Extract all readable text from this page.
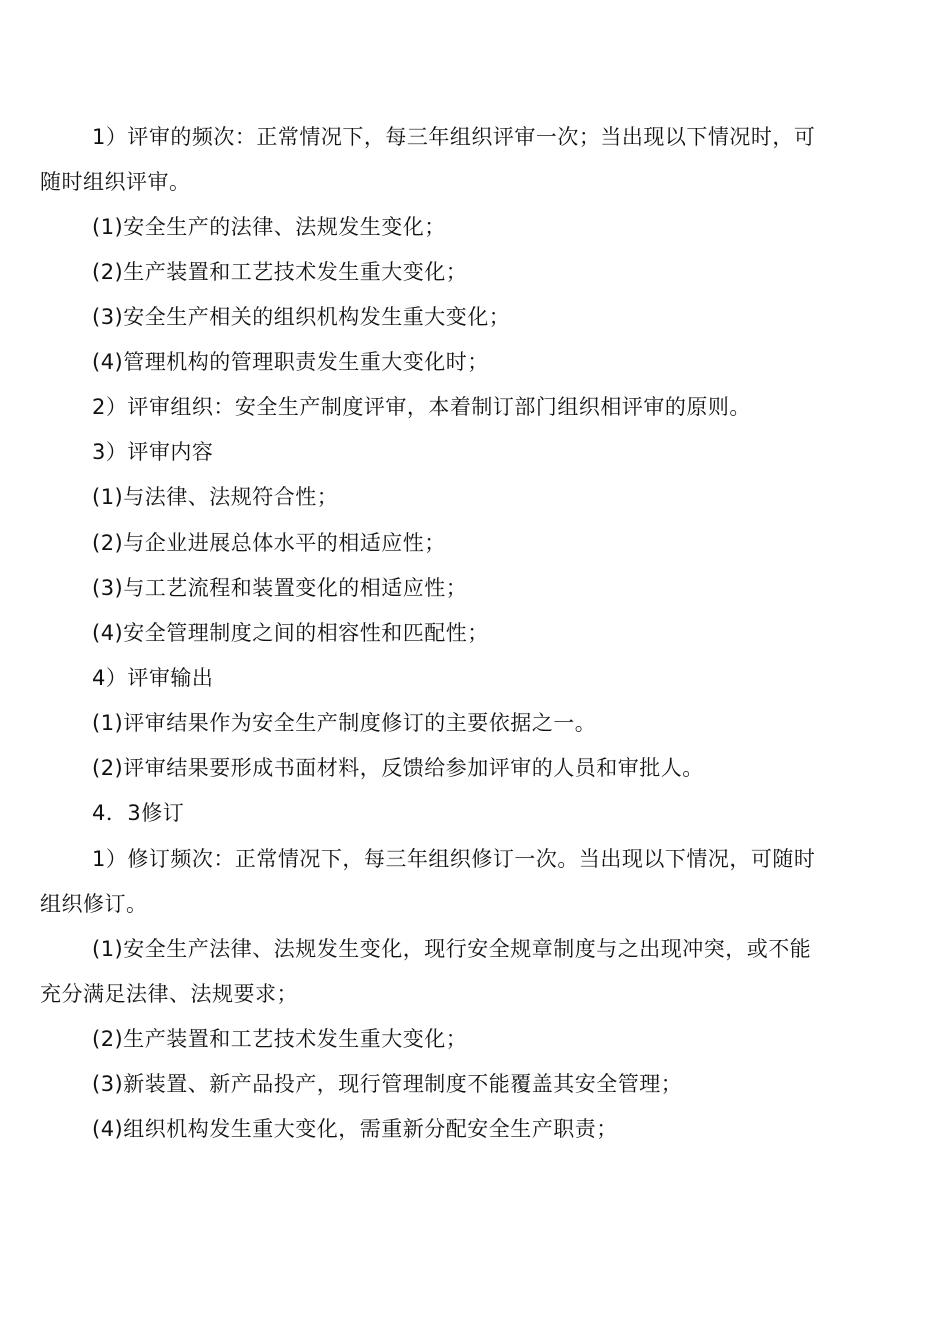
1）评审的频次：正常情况下，每三年组织评审一次；当出现以下情况时，可
随时组织评审。
(1)安全生产的法律、法规发生变化；
(2)生产装置和工艺技术发生重大变化；
(3)安全生产相关的组织机构发生重大变化；
(4)管理机构的管理职责发生重大变化时；
2）评审组织：安全生产制度评审，本着制订部门组织相评审的原则。
3）评审内容
(1)与法律、法规符合性；
(2)与企业进展总体水平的相适应性；
(3)与工艺流程和装置变化的相适应性；
(4)安全管理制度之间的相容性和匹配性；
4）评审输出
(1)评审结果作为安全生产制度修订的主要依据之一。
(2)评审结果要形成书面材料，反馈给参加评审的人员和审批人。
4．3修订
1）修订频次：正常情况下，每三年组织修订一次。当出现以下情况，可随时
组织修订。
(1)安全生产法律、法规发生变化，现行安全规章制度与之出现冲突，或不能
充分满足法律、法规要求；
(2)生产装置和工艺技术发生重大变化；
(3)新装置、新产品投产，现行管理制度不能覆盖其安全管理；
(4)组织机构发生重大变化，需重新分配安全生产职责；
